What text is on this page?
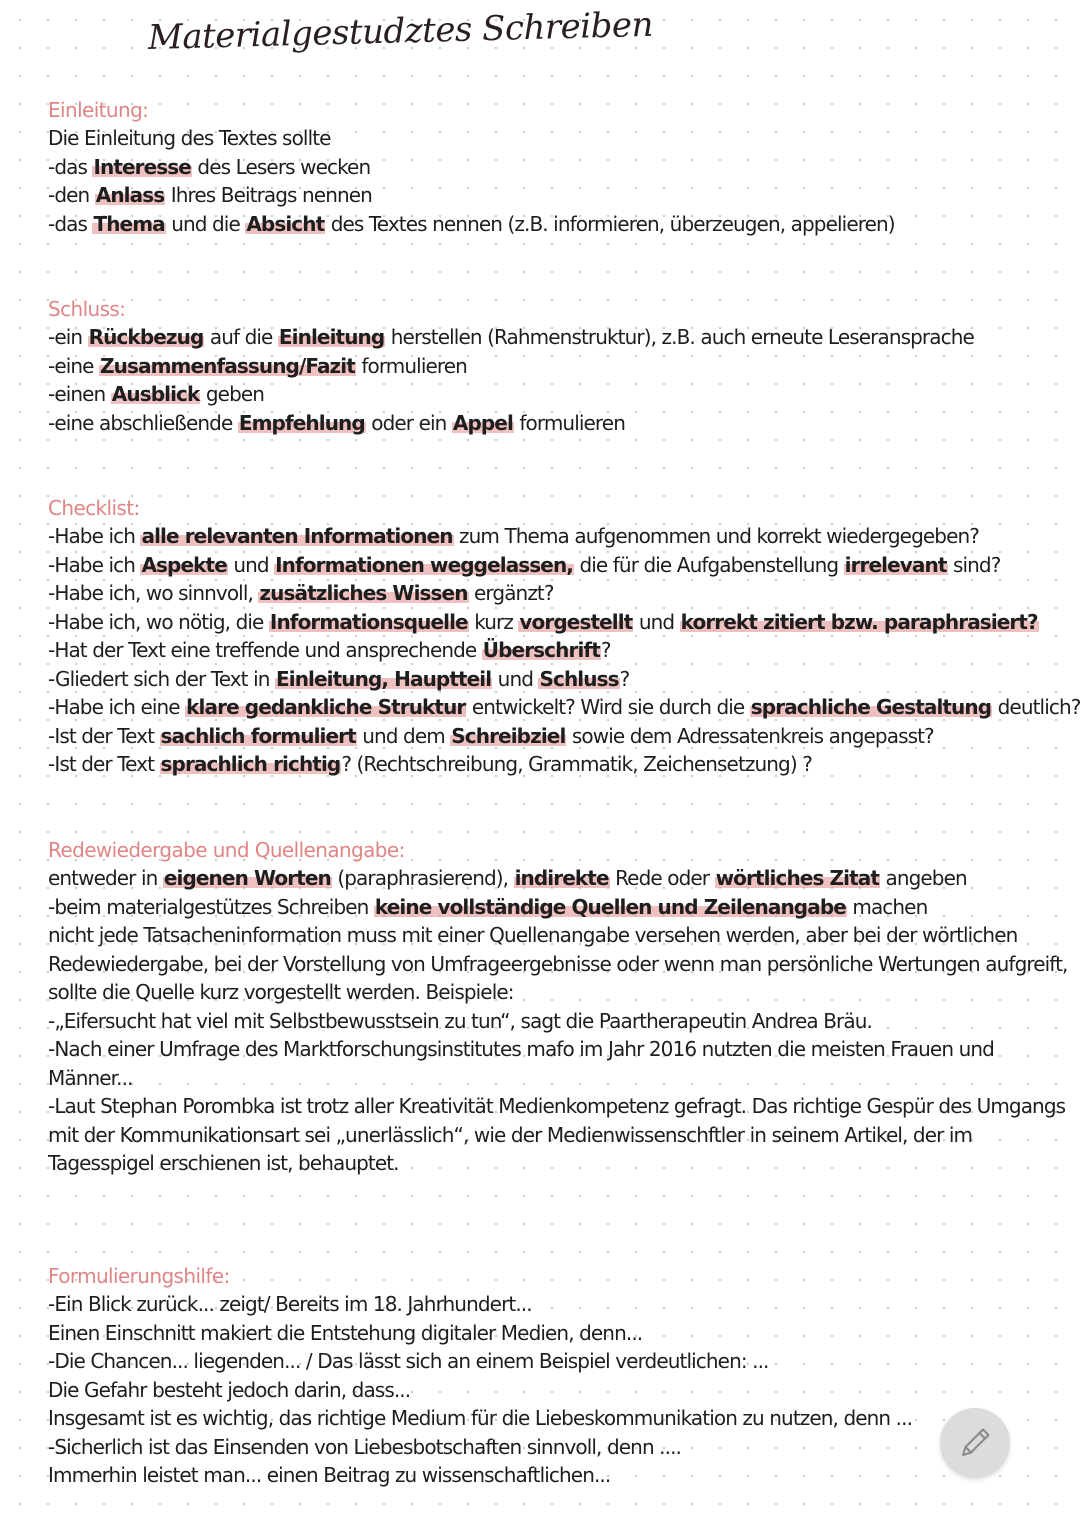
Materialgestudztes Schreiben
Einleitung:
Die Einleitung des Textes sollte
-das Interesse des Lesers wecken
-den Anlass Ihres Beitrags nennen
-das Thema und die Absicht des Textes nennen (z.B. informieren, überzeugen, appelieren)
Schluss:
-ein Rückbezug auf die Einleitung herstellen (Rahmenstruktur), z.B. auch erneute Leseransprache
-eine Zusammenfassung/Fazit formulieren
-einen Ausblick geben
-eine abschließende Empfehlung oder ein Appel formulieren
Checklist:
-Habe ich alle relevanten Informationen zum Thema aufgenommen und korrekt wiedergegeben?
-Habe ich Aspekte und Informationen weggelassen, die für die Aufgabenstellung irrelevant sind?
-Habe ich, wo sinnvoll, zusätzliches Wissen ergänzt?
-Habe ich, wo nötig, die Informationsquelle kurz vorgestellt und korrekt zitiert bzw. paraphrasiert?
-Hat der Text eine treffende und ansprechende Überschrift?
-Gliedert sich der Text in Einleitung, Hauptteil und Schluss?
-Habe ich eine klare gedankliche Struktur entwickelt? Wird sie durch die sprachliche Gestaltung deutlich?
-Ist der Text sachlich formuliert und dem Schreibziel sowie dem Adressatenkreis angepasst?
-Ist der Text sprachlich richtig? (Rechtschreibung, Grammatik, Zeichensetzung) ?
Redewiedergabe und Quellenangabe:
entweder in eigenen Worten (paraphrasierend), indirekte Rede oder wörtliches Zitat angeben
-beim materialgestützes Schreiben keine vollständige Quellen und Zeilenangabe machen
nicht jede Tatsacheninformation muss mit einer Quellenangabe versehen werden, aber bei der wörtlichen
Redewiedergabe, bei der Vorstellung von Umfrageergebnisse oder wenn man persönliche Wertungen aufgreift,
sollte die Quelle kurz vorgestellt werden. Beispiele:
-„Eifersucht hat viel mit Selbstbewusstsein zu tun“, sagt die Paartherapeutin Andrea Bräu.
-Nach einer Umfrage des Marktforschungsinstitutes mafo im Jahr 2016 nutzten die meisten Frauen und
Männer...
-Laut Stephan Porombka ist trotz aller Kreativität Medienkompetenz gefragt. Das richtige Gespür des Umgangs
mit der Kommunikationsart sei „unerlässlich“, wie der Medienwissenschftler in seinem Artikel, der im
Tagesspigel erschienen ist, behauptet.
Formulierungshilfe:
-Ein Blick zurück... zeigt/ Bereits im 18. Jahrhundert...
Einen Einschnitt makiert die Entstehung digitaler Medien, denn...
-Die Chancen... liegenden... / Das lässt sich an einem Beispiel verdeutlichen: ...
Die Gefahr besteht jedoch darin, dass...
Insgesamt ist es wichtig, das richtige Medium für die Liebeskommunikation zu nutzen, denn ...
-Sicherlich ist das Einsenden von Liebesbotschaften sinnvoll, denn ....
Immerhin leistet man... einen Beitrag zu wissenschaftlichen...
